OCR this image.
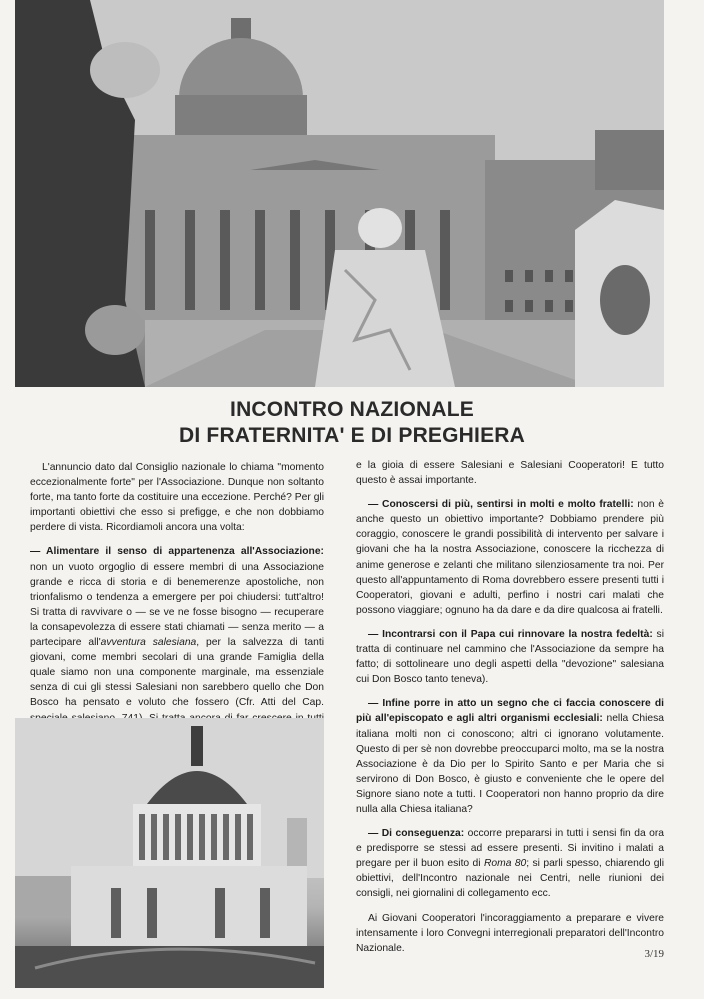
INCONTRO NAZIONALE
DI FRATERNITA' E DI PREGHIERA

L'annuncio dato dal Consiglio nazionale lo chiama "momento eccezionalmente forte" per l'Associazione. Dunque non soltanto forte, ma tanto forte da costituire una eccezione. Perché? Per gli importanti obiettivi che esso si prefigge, e che non dobbiamo perdere di vista. Ricordiamoli ancora una volta:

— Alimentare il senso di appartenenza all'Associazione: non un vuoto orgoglio di essere membri di una Associazione grande e ricca di storia e di benemerenze apostoliche, non trionfalismo o tendenza a emergere per poi chiudersi: tutt'altro! Si tratta di ravvivare o — se ve ne fosse bisogno — recuperare la consapevolezza di essere stati chiamati — senza merito — a partecipare all'avventura salesiana, per la salvezza di tanti giovani, come membri secolari di una grande Famiglia della quale siamo non una componente marginale, ma essenziale senza di cui gli stessi Salesiani non sarebbero quello che Don Bosco ha pensato e voluto che fossero (Cfr. Atti del Cap.

e la gioia di essere Salesiani e Salesiani Cooperatori! E tutto questo è assai importante.

— Conoscersi di più, sentirsi in molti e molto fratelli: non è anche questo un obiettivo importante? Dobbiamo prendere più coraggio, conoscere le grandi possibilità di intervento per salvare i giovani che ha la nostra Associazione, conoscere la ricchezza di anime generose e zelanti che militano silenziosamente tra noi. Per questo all'appuntamento di Roma dovrebbero essere presenti tutti i Cooperatori, giovani e adulti, perfino i nostri cari malati che possono viaggiare; ognuno ha da dare e da dire qualcosa ai fratelli.

— Incontrarsi con il Papa cui rinnovare la nostra fedeltà: si tratta di continuare nel cammino che l'Associazione da sempre ha fatto; di sottolineare uno degli aspetti della "devozione" salesiana cui Don Bosco tanto teneva).

— Infine porre in atto un segno che ci faccia conoscere di più all'episcopato e agli altri organismi ecclesiali: nella Chiesa italiana molti non ci conoscono; altri ci ignorano volutamente. Questo di per sè non dovrebbe preoccuparci molto, ma se la nostra Associazione è da Dio per lo Spirito Santo e per Maria che si servirono di Don Bosco, è giusto e conveniente che le opere del Signore siano note a tutti. I Cooperatori non hanno proprio da dire nulla alla Chiesa italiana?

— Di conseguenza: occorre prepararsi in tutti i sensi fin da ora e predisporre se stessi ad essere presenti. Si invitino i malati a pregare per il buon esito di Roma 80; si parli spesso, chiarendo gli obiettivi, dell'Incontro nazionale nei Centri, nelle riunioni dei consigli, nei giornalini di collegamento ecc.

Ai Giovani Cooperatori l'incoraggiamento a preparare e vivere intensamente i loro Convegni interregionali preparatori dell'Incontro Nazionale.	3/19
